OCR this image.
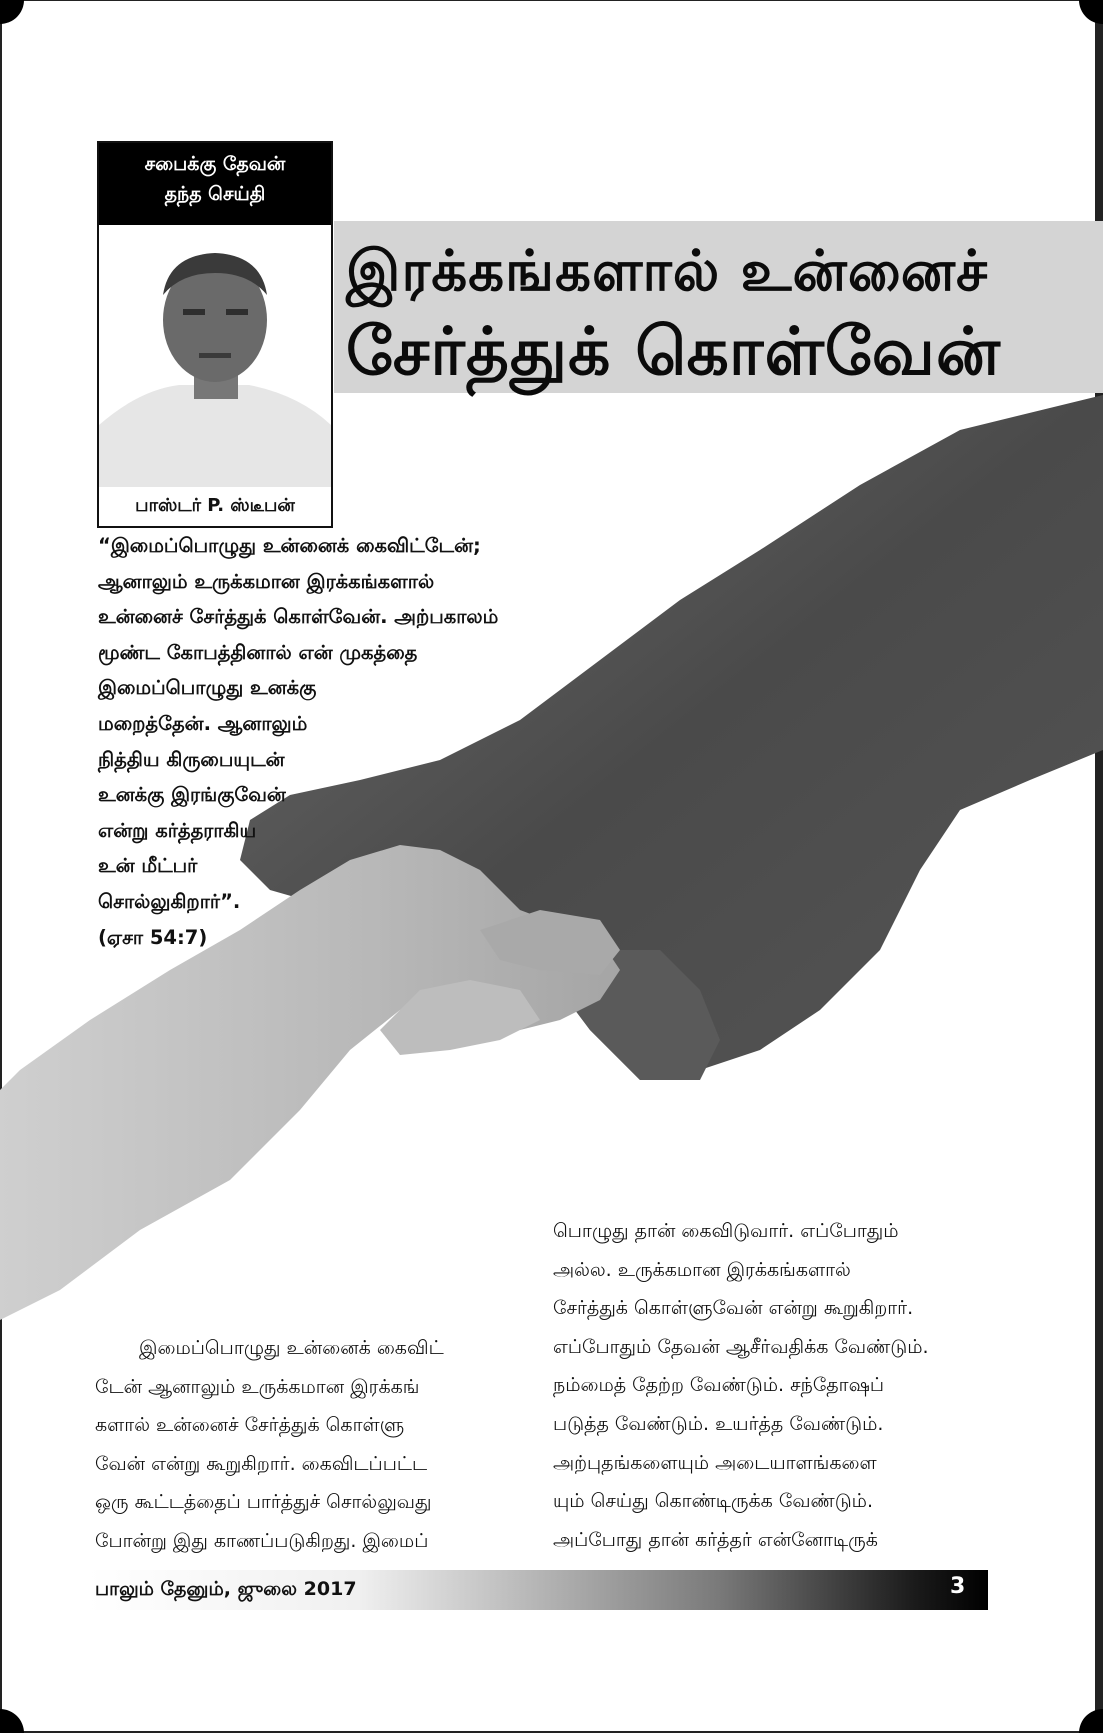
சபைக்கு தேவன்
தந்த செய்தி
பாஸ்டர் P. ஸ்டீபன்
இரக்கங்களால் உன்னைச்
சேர்த்துக் கொள்வேன்
“இமைப்பொழுது உன்னைக் கைவிட்டேன்;
ஆனாலும் உருக்கமான இரக்கங்களால்
உன்னைச் சேர்த்துக் கொள்வேன். அற்பகாலம்
மூண்ட கோபத்தினால் என் முகத்தை
இமைப்பொழுது உனக்கு
மறைத்தேன். ஆனாலும்
நித்திய கிருபையுடன்
உனக்கு இரங்குவேன்
என்று கர்த்தராகிய
உன் மீட்பர்
சொல்லுகிறார்”.
(ஏசா 54:7)
இமைப்பொழுது உன்னைக் கைவிட்
டேன் ஆனாலும் உருக்கமான இரக்கங்
களால் உன்னைச் சேர்த்துக் கொள்ளு
வேன் என்று கூறுகிறார். கைவிடப்பட்ட
ஒரு கூட்டத்தைப் பார்த்துச் சொல்லுவது
போன்று இது காணப்படுகிறது. இமைப்
பொழுது தான் கைவிடுவார். எப்போதும்
அல்ல. உருக்கமான இரக்கங்களால்
சேர்த்துக் கொள்ளுவேன் என்று கூறுகிறார்.
எப்போதும் தேவன் ஆசீர்வதிக்க வேண்டும்.
நம்மைத் தேற்ற வேண்டும். சந்தோஷப்
படுத்த வேண்டும். உயர்த்த வேண்டும்.
அற்புதங்களையும் அடையாளங்களை
யும் செய்து கொண்டிருக்க வேண்டும்.
அப்போது தான் கர்த்தர் என்னோடிருக்
பாலும் தேனும், ஜுலை 2017	3
